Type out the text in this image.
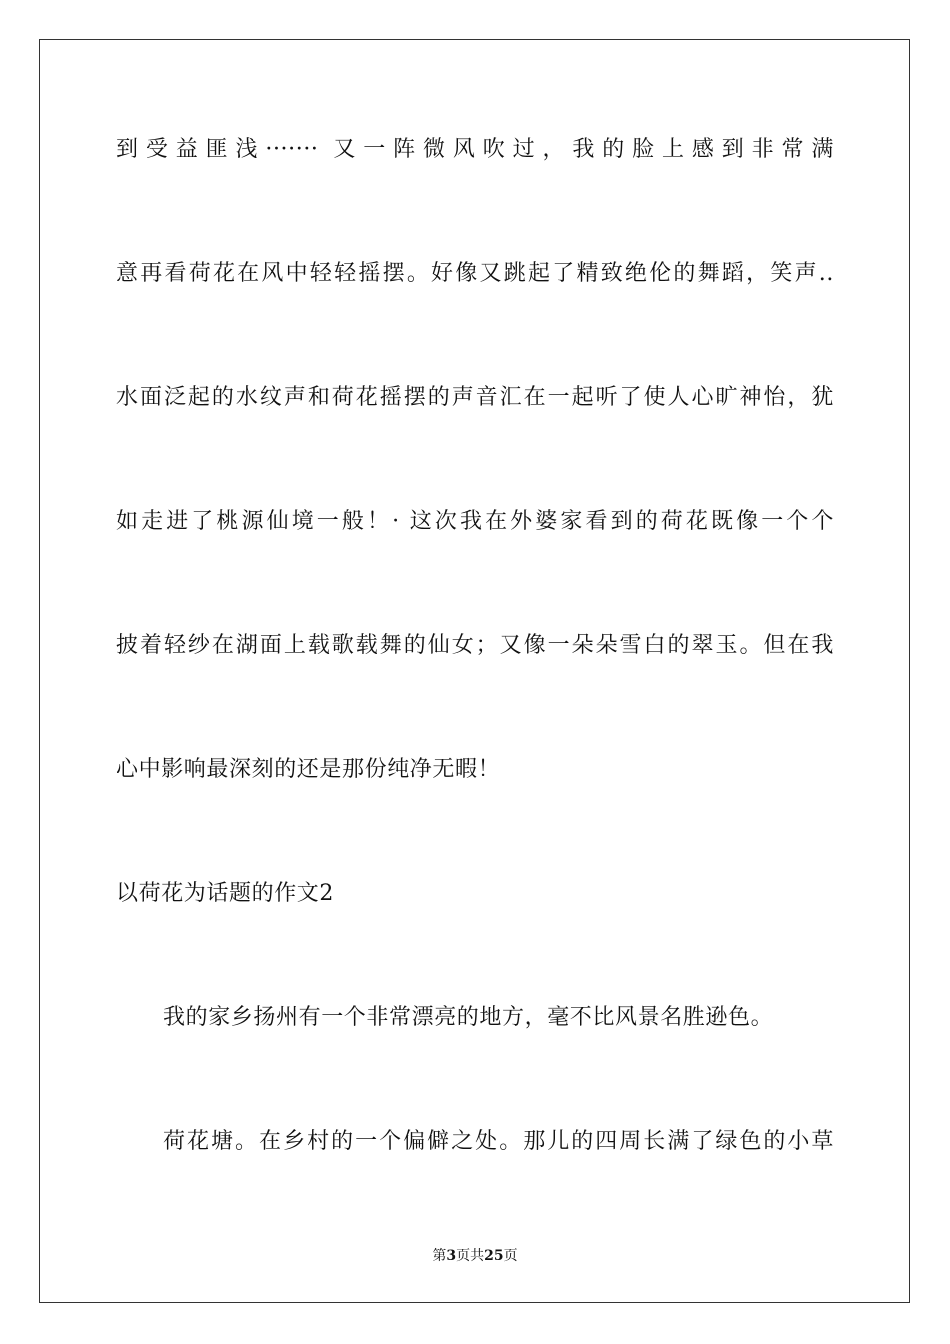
到受益匪浅······· 又一阵微风吹过，我的脸上感到非常满
意再看荷花在风中轻轻摇摆。好像又跳起了精致绝伦的舞蹈，笑声..
水面泛起的水纹声和荷花摇摆的声音汇在一起听了使人心旷神怡，犹
如走进了桃源仙境一般！· 这次我在外婆家看到的荷花既像一个个
披着轻纱在湖面上载歌载舞的仙女；又像一朵朵雪白的翠玉。但在我
心中影响最深刻的还是那份纯净无暇！
以荷花为话题的作文2
我的家乡扬州有一个非常漂亮的地方，毫不比风景名胜逊色。
荷花塘。在乡村的一个偏僻之处。那儿的四周长满了绿色的小草
第3页共25页
